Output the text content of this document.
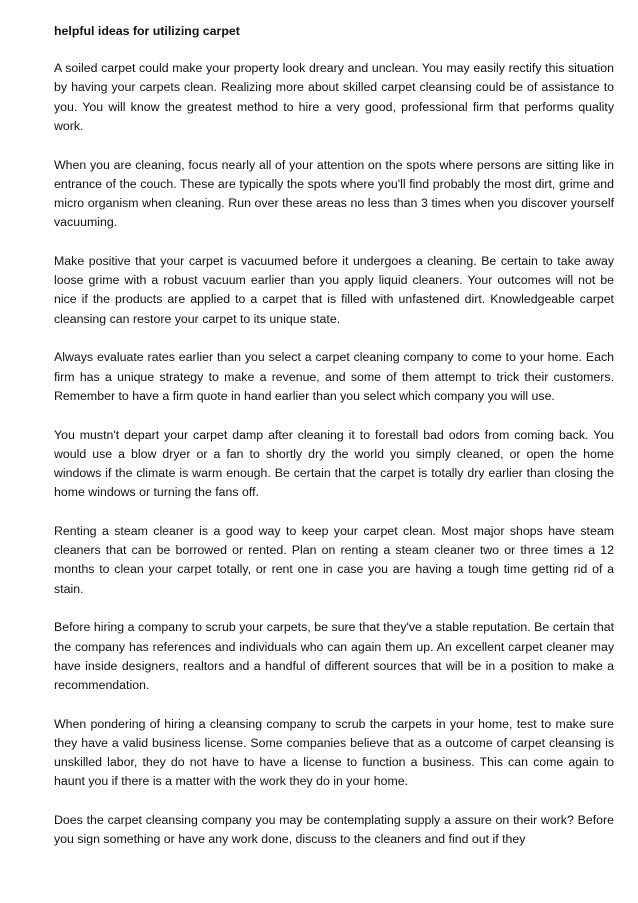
helpful ideas for utilizing carpet

A soiled carpet could make your property look dreary and unclean. You may easily rectify this situation by having your carpets clean. Realizing more about skilled carpet cleansing could be of assistance to you. You will know the greatest method to hire a very good, professional firm that performs quality work.

When you are cleaning, focus nearly all of your attention on the spots where persons are sitting like in entrance of the couch. These are typically the spots where you'll find probably the most dirt, grime and micro organism when cleaning. Run over these areas no less than 3 times when you discover yourself vacuuming.

Make positive that your carpet is vacuumed before it undergoes a cleaning. Be certain to take away loose grime with a robust vacuum earlier than you apply liquid cleaners. Your outcomes will not be nice if the products are applied to a carpet that is filled with unfastened dirt. Knowledgeable carpet cleansing can restore your carpet to its unique state.

Always evaluate rates earlier than you select a carpet cleaning company to come to your home. Each firm has a unique strategy to make a revenue, and some of them attempt to trick their customers. Remember to have a firm quote in hand earlier than you select which company you will use.

You mustn't depart your carpet damp after cleaning it to forestall bad odors from coming back. You would use a blow dryer or a fan to shortly dry the world you simply cleaned, or open the home windows if the climate is warm enough. Be certain that the carpet is totally dry earlier than closing the home windows or turning the fans off.

Renting a steam cleaner is a good way to keep your carpet clean. Most major shops have steam cleaners that can be borrowed or rented. Plan on renting a steam cleaner two or three times a 12 months to clean your carpet totally, or rent one in case you are having a tough time getting rid of a stain.

Before hiring a company to scrub your carpets, be sure that they've a stable reputation. Be certain that the company has references and individuals who can again them up. An excellent carpet cleaner may have inside designers, realtors and a handful of different sources that will be in a position to make a recommendation.

When pondering of hiring a cleansing company to scrub the carpets in your home, test to make sure they have a valid business license. Some companies believe that as a outcome of carpet cleansing is unskilled labor, they do not have to have a license to function a business. This can come again to haunt you if there is a matter with the work they do in your home.

Does the carpet cleansing company you may be contemplating supply a assure on their work? Before you sign something or have any work done, discuss to the cleaners and find out if they
